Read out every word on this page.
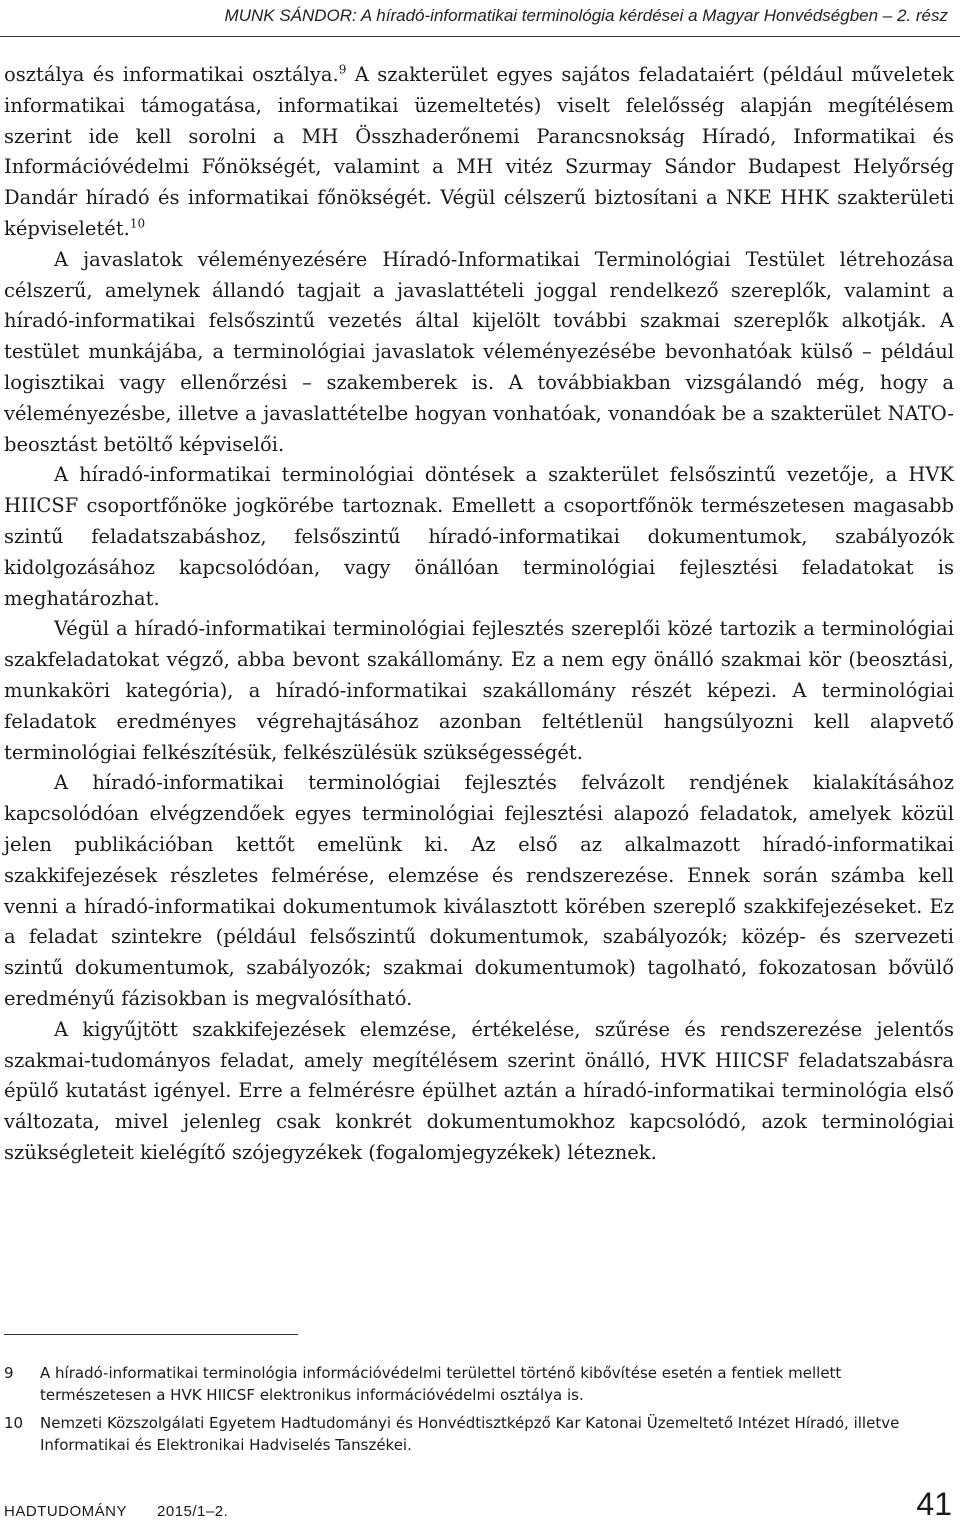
MUNK SÁNDOR: A híradó-informatikai terminológia kérdései a Magyar Honvédségben – 2. rész

osztálya és informatikai osztálya.$^9$ A szakterület egyes sajátos feladataiért (például műveletek informatikai támogatása, informatikai üzemeltetés) viselt felelősség alapján megítélésem szerint ide kell sorolni a MH Összhaderőnemi Parancsnokság Híradó, Informatikai és Információvédelmi Főnökségét, valamint a MH vitéz Szurmay Sándor Budapest Helyőrség Dandár híradó és informatikai főnökségét. Végül célszerű biztosítani a NKE HHK szakterületi képviseletét.$^{10}$

A javaslatok véleményezésére Híradó-Informatikai Terminológiai Testület létrehozása célszerű, amelynek állandó tagjait a javaslattételi joggal rendelkező szereplők, valamint a híradó-informatikai felsőszintű vezetés által kijelölt további szakmai szereplők alkotják. A testület munkájába, a terminológiai javaslatok véleményezésébe bevonhatóak külső – például logisztikai vagy ellenőrzési – szakemberek is. A továbbiakban vizsgálandó még, hogy a véleményezésbe, illetve a javaslattételbe hogyan vonhatóak, vonandóak be a szakterület NATO-beosztást betöltő képviselői.

A híradó-informatikai terminológiai döntések a szakterület felsőszintű vezetője, a HVK HIICSF csoportfőnöke jogkörébe tartoznak. Emellett a csoportfőnök természetesen magasabb szintű feladatszabáshoz, felsőszintű híradó-informatikai dokumentumok, szabályozók kidolgozásához kapcsolódóan, vagy önállóan terminológiai fejlesztési feladatokat is meghatározhat.

Végül a híradó-informatikai terminológiai fejlesztés szereplői közé tartozik a terminológiai szakfeladatokat végző, abba bevont szakállomány. Ez a nem egy önálló szakmai kör (beosztási, munkaköri kategória), a híradó-informatikai szakállomány részét képezi. A terminológiai feladatok eredményes végrehajtásához azonban feltétlenül hangsúlyozni kell alapvető terminológiai felkészítésük, felkészülésük szükségességét.

A híradó-informatikai terminológiai fejlesztés felvázolt rendjének kialakításához kapcsolódóan elvégzendőek egyes terminológiai fejlesztési alapozó feladatok, amelyek közül jelen publikációban kettőt emelünk ki. Az első az alkalmazott híradó-informatikai szakkifejezések részletes felmérése, elemzése és rendszerezése. Ennek során számba kell venni a híradó-informatikai dokumentumok kiválasztott körében szereplő szakkifejezéseket. Ez a feladat szintekre (például felsőszintű dokumentumok, szabályozók; közép- és szervezeti szintű dokumentumok, szabályozók; szakmai dokumentumok) tagolható, fokozatosan bővülő eredményű fázisokban is megvalósítható.

A kigyűjtött szakkifejezések elemzése, értékelése, szűrése és rendszerezése jelentős szakmai-tudományos feladat, amely megítélésem szerint önálló, HVK HIICSF feladatszabásra épülő kutatást igényel. Erre a felmérésre épülhet aztán a híradó-informatikai terminológia első változata, mivel jelenleg csak konkrét dokumentumokhoz kapcsolódó, azok terminológiai szükségleteit kielégítő szójegyzékek (fogalomjegyzékek) léteznek.

9	A híradó-informatikai terminológia információvédelmi területtel történő kibővítése esetén a fentiek mellett természetesen a HVK HIICSF elektronikus információvédelmi osztálya is.
10	Nemzeti Közszolgálati Egyetem Hadtudományi és Honvédtisztképző Kar Katonai Üzemeltető Intézet Híradó, illetve Informatikai és Elektronikai Hadviselés Tanszékei.
HADTUDOMÁNY 2015/1–2.	41
